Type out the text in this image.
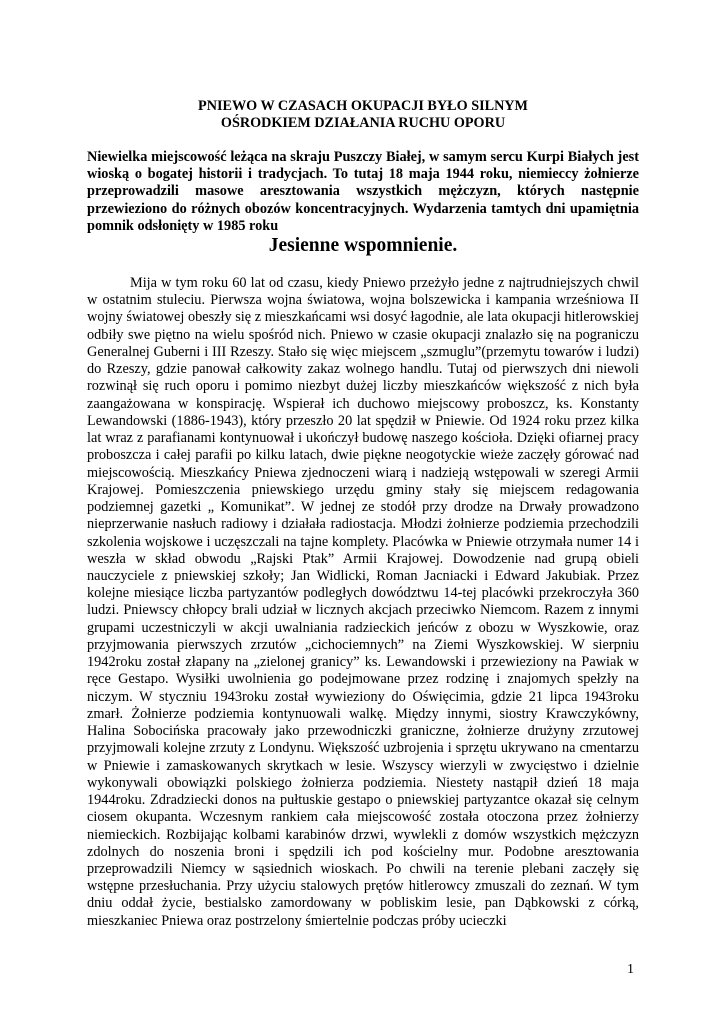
PNIEWO W CZASACH OKUPACJI BYŁO SILNYM

OŚRODKIEM DZIAŁANIA RUCHU OPORU

Niewielka miejscowość leżąca na skraju Puszczy Białej, w samym sercu Kurpi Białych jest wioską o bogatej historii i tradycjach. To tutaj 18 maja 1944 roku, niemieccy żołnierze przeprowadzili masowe aresztowania wszystkich mężczyzn, których następnie przewieziono do różnych obozów koncentracyjnych. Wydarzenia tamtych dni upamiętnia pomnik odsłonięty w 1985 roku

Jesienne wspomnienie.

Mija w tym roku 60 lat od czasu, kiedy Pniewo przeżyło jedne z najtrudniejszych chwil w ostatnim stuleciu. Pierwsza wojna światowa, wojna bolszewicka i kampania wrześniowa II wojny światowej obeszły się z mieszkańcami wsi dosyć łagodnie, ale lata okupacji hitlerowskiej odbiły swe piętno na wielu spośród nich. Pniewo w czasie okupacji znalazło się na pograniczu Generalnej Guberni i III Rzeszy. Stało się więc miejscem „szmuglu”(przemytu towarów i ludzi) do Rzeszy, gdzie panował całkowity zakaz wolnego handlu. Tutaj od pierwszych dni niewoli rozwinął się ruch oporu i pomimo niezbyt dużej liczby mieszkańców większość z nich była zaangażowana w konspirację. Wspierał ich duchowo miejscowy proboszcz, ks. Konstanty Lewandowski (1886-1943), który przeszło 20 lat spędził w Pniewie. Od 1924 roku przez kilka lat wraz z parafianami kontynuował i ukończył budowę naszego kościoła. Dzięki ofiarnej pracy proboszcza i całej parafii po kilku latach, dwie piękne neogotyckie wieże zaczęły górować nad miejscowością. Mieszkańcy Pniewa zjednoczeni wiarą i nadzieją wstępowali w szeregi Armii Krajowej. Pomieszczenia pniewskiego urzędu gminy stały się miejscem redagowania podziemnej gazetki „ Komunikat”. W jednej ze stodół przy drodze na Drwały prowadzono nieprzerwanie nasłuch radiowy i działała radiostacja. Młodzi żołnierze podziemia przechodzili szkolenia wojskowe i uczęszczali na tajne komplety. Placówka w Pniewie otrzymała numer 14 i weszła w skład obwodu „Rajski Ptak” Armii Krajowej. Dowodzenie nad grupą obieli nauczyciele z pniewskiej szkoły; Jan Widlicki, Roman Jacniacki i Edward Jakubiak. Przez kolejne miesiące liczba partyzantów podległych dowództwu 14-tej placówki przekroczyła 360 ludzi. Pniewscy chłopcy brali udział w licznych akcjach przeciwko Niemcom. Razem z innymi grupami uczestniczyli w akcji uwalniania radzieckich jeńców z obozu w Wyszkowie, oraz przyjmowania pierwszych zrzutów „cichociemnych” na Ziemi Wyszkowskiej. W sierpniu 1942roku został złapany na „zielonej granicy” ks. Lewandowski i przewieziony na Pawiak w ręce Gestapo. Wysiłki uwolnienia go podejmowane przez rodzinę i znajomych spełzły na niczym. W styczniu 1943roku został wywieziony do Oświęcimia, gdzie 21 lipca 1943roku zmarł. Żołnierze podziemia kontynuowali walkę. Między innymi, siostry Krawczykówny, Halina Sobocińska pracowały jako przewodniczki graniczne, żołnierze drużyny zrzutowej przyjmowali kolejne zrzuty z Londynu. Większość uzbrojenia i sprzętu ukrywano na cmentarzu w Pniewie i zamaskowanych skrytkach w lesie. Wszyscy wierzyli w zwycięstwo i dzielnie wykonywali obowiązki polskiego żołnierza podziemia. Niestety nastąpił dzień 18 maja 1944roku. Zdradziecki donos na pułtuskie gestapo o pniewskiej partyzantce okazał się celnym ciosem okupanta. Wczesnym rankiem cała miejscowość została otoczona przez żołnierzy niemieckich. Rozbijając kolbami karabinów drzwi, wywlekli z domów wszystkich mężczyzn zdolnych do noszenia broni i spędzili ich pod kościelny mur. Podobne aresztowania przeprowadzili Niemcy w sąsiednich wioskach. Po chwili na terenie plebani zaczęły się wstępne przesłuchania. Przy użyciu stalowych prętów hitlerowcy zmuszali do zeznań. W tym dniu oddał życie, bestialsko zamordowany w pobliskim lesie, pan Dąbkowski z córką, mieszkaniec Pniewa oraz postrzelony śmiertelnie podczas próby ucieczki

1
